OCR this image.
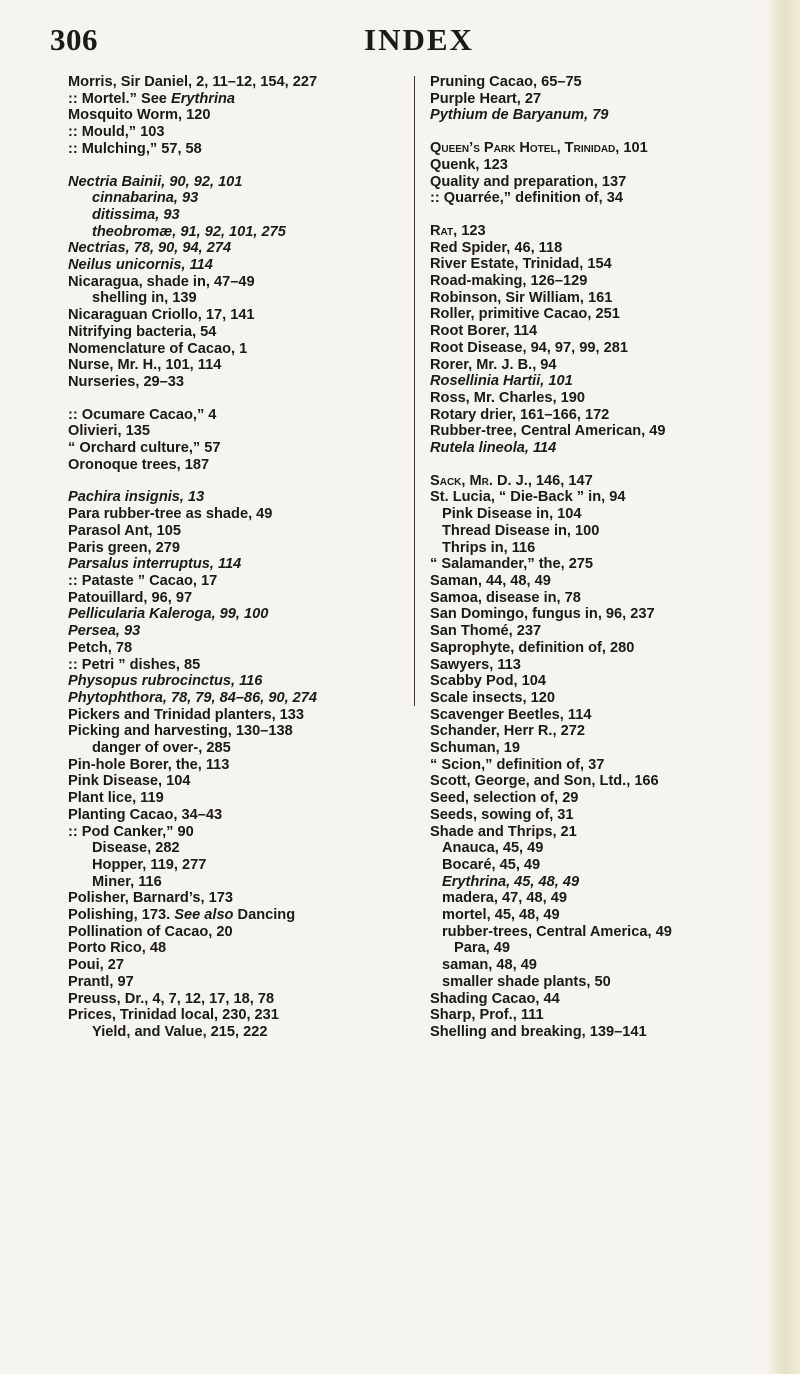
306	INDEX
Morris, Sir Daniel, 2, 11–12, 154, 227
:: Mortel.” See Erythrina
Mosquito Worm, 120
:: Mould,” 103
:: Mulching,” 57, 58
Nectria Bainii, 90, 92, 101
cinnabarina, 93
ditissima, 93
theobromæ, 91, 92, 101, 275
Nectrias, 78, 90, 94, 274
Neilus unicornis, 114
Nicaragua, shade in, 47–49
shelling in, 139
Nicaraguan Criollo, 17, 141
Nitrifying bacteria, 54
Nomenclature of Cacao, 1
Nurse, Mr. H., 101, 114
Nurseries, 29–33
:: Ocumare Cacao,” 4
Olivieri, 135
“ Orchard culture,” 57
Oronoque trees, 187
Pachira insignis, 13
Para rubber-tree as shade, 49
Parasol Ant, 105
Paris green, 279
Parsalus interruptus, 114
:: Pataste ” Cacao, 17
Patouillard, 96, 97
Pellicularia Kaleroga, 99, 100
Persea, 93
Petch, 78
:: Petri ” dishes, 85
Physopus rubrocinctus, 116
Phytophthora, 78, 79, 84–86, 90, 274
Pickers and Trinidad planters, 133
Picking and harvesting, 130–138
danger of over-, 285
Pin-hole Borer, the, 113
Pink Disease, 104
Plant lice, 119
Planting Cacao, 34–43
:: Pod Canker,” 90
Disease, 282
Hopper, 119, 277
Miner, 116
Polisher, Barnard’s, 173
Polishing, 173. See also Dancing
Pollination of Cacao, 20
Porto Rico, 48
Poui, 27
Prantl, 97
Preuss, Dr., 4, 7, 12, 17, 18, 78
Prices, Trinidad local, 230, 231
Yield, and Value, 215, 222
Pruning Cacao, 65–75
Purple Heart, 27
Pythium de Baryanum, 79
Queen’s Park Hotel, Trinidad, 101
Quenk, 123
Quality and preparation, 137
:: Quarrée,” definition of, 34
Rat, 123
Red Spider, 46, 118
River Estate, Trinidad, 154
Road-making, 126–129
Robinson, Sir William, 161
Roller, primitive Cacao, 251
Root Borer, 114
Root Disease, 94, 97, 99, 281
Rorer, Mr. J. B., 94
Rosellinia Hartii, 101
Ross, Mr. Charles, 190
Rotary drier, 161–166, 172
Rubber-tree, Central American, 49
Rutela lineola, 114
Sack, Mr. D. J., 146, 147
St. Lucia, “ Die-Back ” in, 94
Pink Disease in, 104
Thread Disease in, 100
Thrips in, 116
“ Salamander,” the, 275
Saman, 44, 48, 49
Samoa, disease in, 78
San Domingo, fungus in, 96, 237
San Thomé, 237
Saprophyte, definition of, 280
Sawyers, 113
Scabby Pod, 104
Scale insects, 120
Scavenger Beetles, 114
Schander, Herr R., 272
Schuman, 19
“ Scion,” definition of, 37
Scott, George, and Son, Ltd., 166
Seed, selection of, 29
Seeds, sowing of, 31
Shade and Thrips, 21
Anauca, 45, 49
Bocaré, 45, 49
Erythrina, 45, 48, 49
madera, 47, 48, 49
mortel, 45, 48, 49
rubber-trees, Central America, 49
Para, 49
saman, 48, 49
smaller shade plants, 50
Shading Cacao, 44
Sharp, Prof., 111
Shelling and breaking, 139–141
